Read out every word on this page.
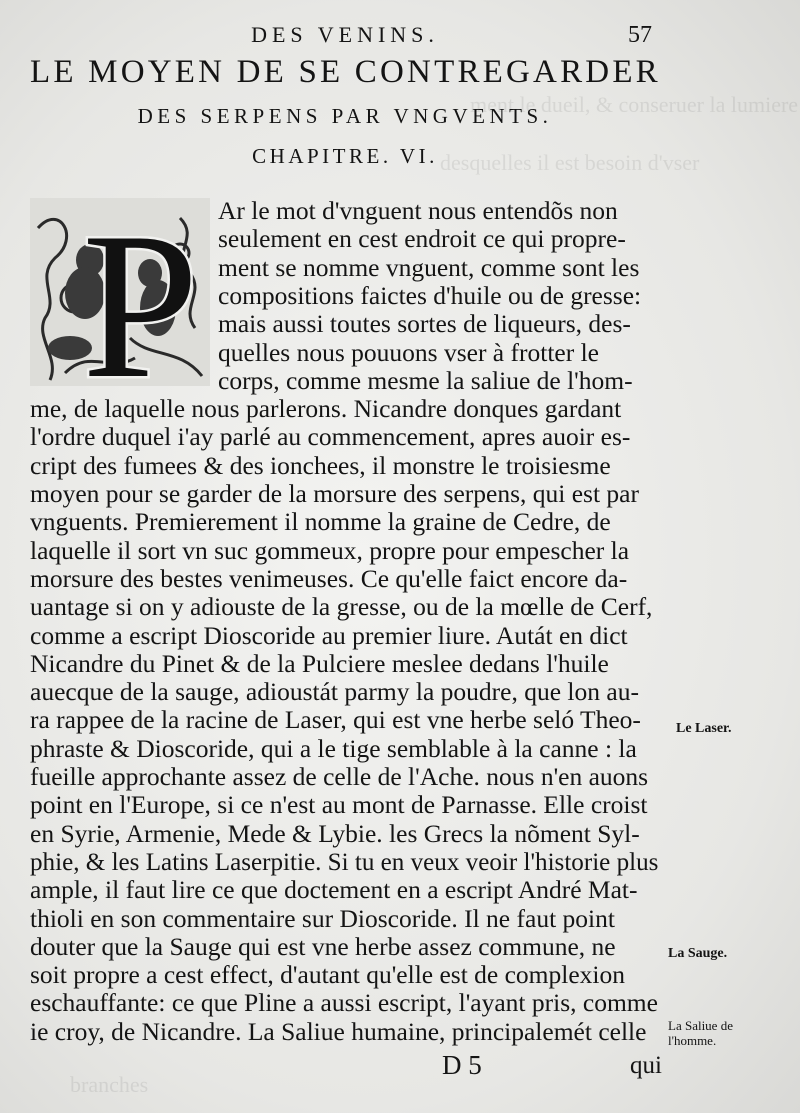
ment le dueil, & conseruer la lumiere
desquelles il est besoin d'vser
branches
DES VENINS.	57
LE MOYEN DE SE CONTREGARDER
DES SERPENS PAR VNGVENTS.
CHAPITRE. VI.
P Ar le mot d'vnguent nous entendõs non
seulement en cest endroit ce qui propre-
ment se nomme vnguent, comme sont les
compositions faictes d'huile ou de gresse:
mais aussi toutes sortes de liqueurs, des-
quelles nous pouuons vser à frotter le
corps, comme mesme la saliue de l'hom-
me, de laquelle nous parlerons. Nicandre donques gardant
l'ordre duquel i'ay parlé au commencement, apres auoir es-
cript des fumees & des ionchees, il monstre le troisiesme
moyen pour se garder de la morsure des serpens, qui est par
vnguents. Premierement il nomme la graine de Cedre, de
laquelle il sort vn suc gommeux, propre pour empescher la
morsure des bestes venimeuses. Ce qu'elle faict encore da-
uantage si on y adiouste de la gresse, ou de la mœlle de Cerf,
comme a escript Dioscoride au premier liure. Autát en dict
Nicandre du Pinet & de la Pulciere meslee dedans l'huile
auecque de la sauge, adioustát parmy la poudre, que lon au-
ra rappee de la racine de Laser, qui est vne herbe seló Theo-
phraste & Dioscoride, qui a le tige semblable à la canne : la
fueille approchante assez de celle de l'Ache. nous n'en auons
point en l'Europe, si ce n'est au mont de Parnasse. Elle croist
en Syrie, Armenie, Mede & Lybie. les Grecs la nõment Syl-
phie, & les Latins Laserpitie. Si tu en veux veoir l'historie plus
ample, il faut lire ce que doctement en a escript André Mat-
thioli en son commentaire sur Dioscoride. Il ne faut point
douter que la Sauge qui est vne herbe assez commune, ne
soit propre a cest effect, d'autant qu'elle est de complexion
eschauffante: ce que Pline a aussi escript, l'ayant pris, comme
ie croy, de Nicandre. La Saliue humaine, principalemét celle
Le Laser.
La Sauge.
La Saliue de l'homme.
D 5	qui
